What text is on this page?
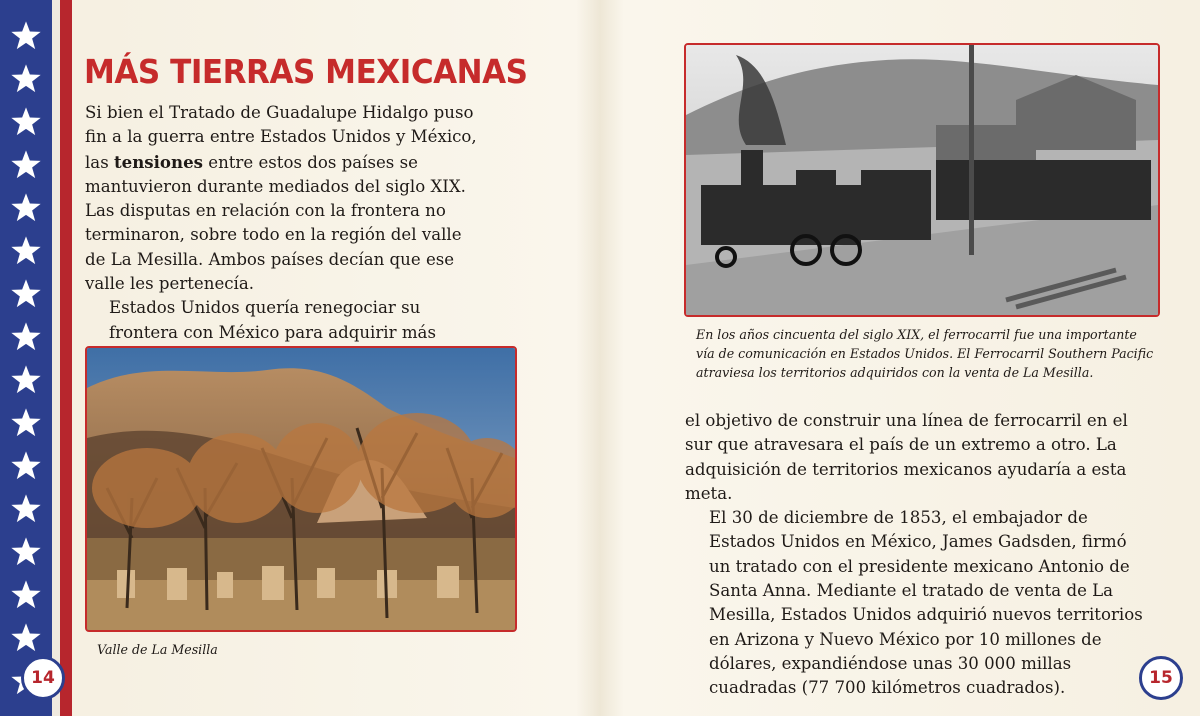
MÁS TIERRAS MEXICANAS

Si bien el Tratado de Guadalupe Hidalgo puso fin a la guerra entre Estados Unidos y México, las tensiones entre estos dos países se mantuvieron durante mediados del siglo XIX. Las disputas en relación con la frontera no terminaron, sobre todo en la región del valle de La Mesilla. Ambos países decían que ese valle les pertenecía.

Estados Unidos quería renegociar su frontera con México para adquirir más

Valle de La Mesilla

14

En los años cincuenta del siglo XIX, el ferrocarril fue una importante vía de comunicación en Estados Unidos. El Ferrocarril Southern Pacific atraviesa los territorios adquiridos con la venta de La Mesilla.

el objetivo de construir una línea de ferrocarril en el sur que atravesara el país de un extremo a otro. La adquisición de territorios mexicanos ayudaría a esta meta.

El 30 de diciembre de 1853, el embajador de Estados Unidos en México, James Gadsden, firmó un tratado con el presidente mexicano Antonio de Santa Anna. Mediante el tratado de venta de La Mesilla, Estados Unidos adquirió nuevos territorios en Arizona y Nuevo México por 10 millones de dólares, expandiéndose unas 30 000 millas cuadradas (77 700 kilómetros cuadrados).	15
